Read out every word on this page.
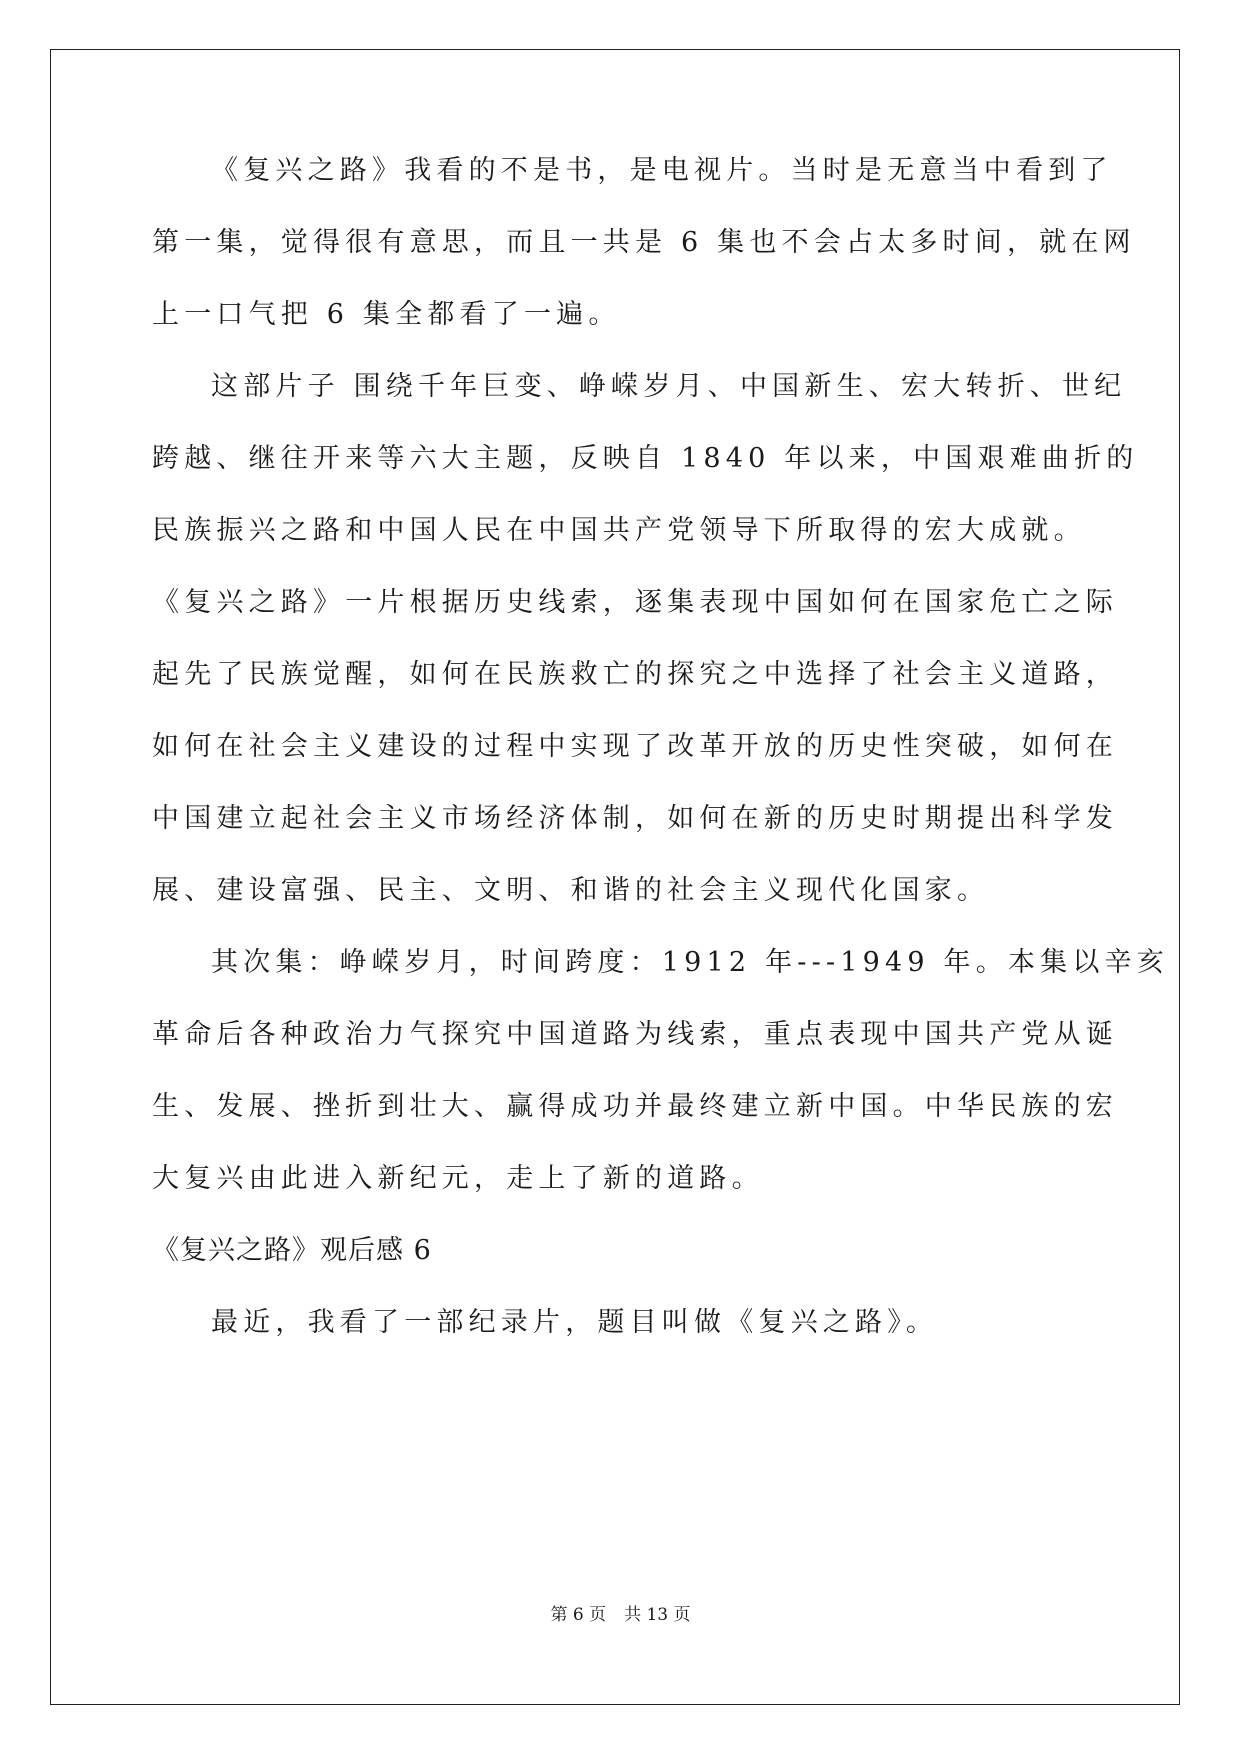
《复兴之路》我看的不是书，是电视片。当时是无意当中看到了
第一集，觉得很有意思，而且一共是 6 集也不会占太多时间，就在网
上一口气把 6 集全都看了一遍。
这部片子 围绕千年巨变、峥嵘岁月、中国新生、宏大转折、世纪
跨越、继往开来等六大主题，反映自 1840 年以来，中国艰难曲折的
民族振兴之路和中国人民在中国共产党领导下所取得的宏大成就。
《复兴之路》一片根据历史线索，逐集表现中国如何在国家危亡之际
起先了民族觉醒，如何在民族救亡的探究之中选择了社会主义道路，
如何在社会主义建设的过程中实现了改革开放的历史性突破，如何在
中国建立起社会主义市场经济体制，如何在新的历史时期提出科学发
展、建设富强、民主、文明、和谐的社会主义现代化国家。
其次集：峥嵘岁月，时间跨度：1912 年---1949 年。本集以辛亥
革命后各种政治力气探究中国道路为线索，重点表现中国共产党从诞
生、发展、挫折到壮大、赢得成功并最终建立新中国。中华民族的宏
大复兴由此进入新纪元，走上了新的道路。
《复兴之路》观后感 6
最近，我看了一部纪录片，题目叫做《复兴之路》。
第 6 页 共 13 页
